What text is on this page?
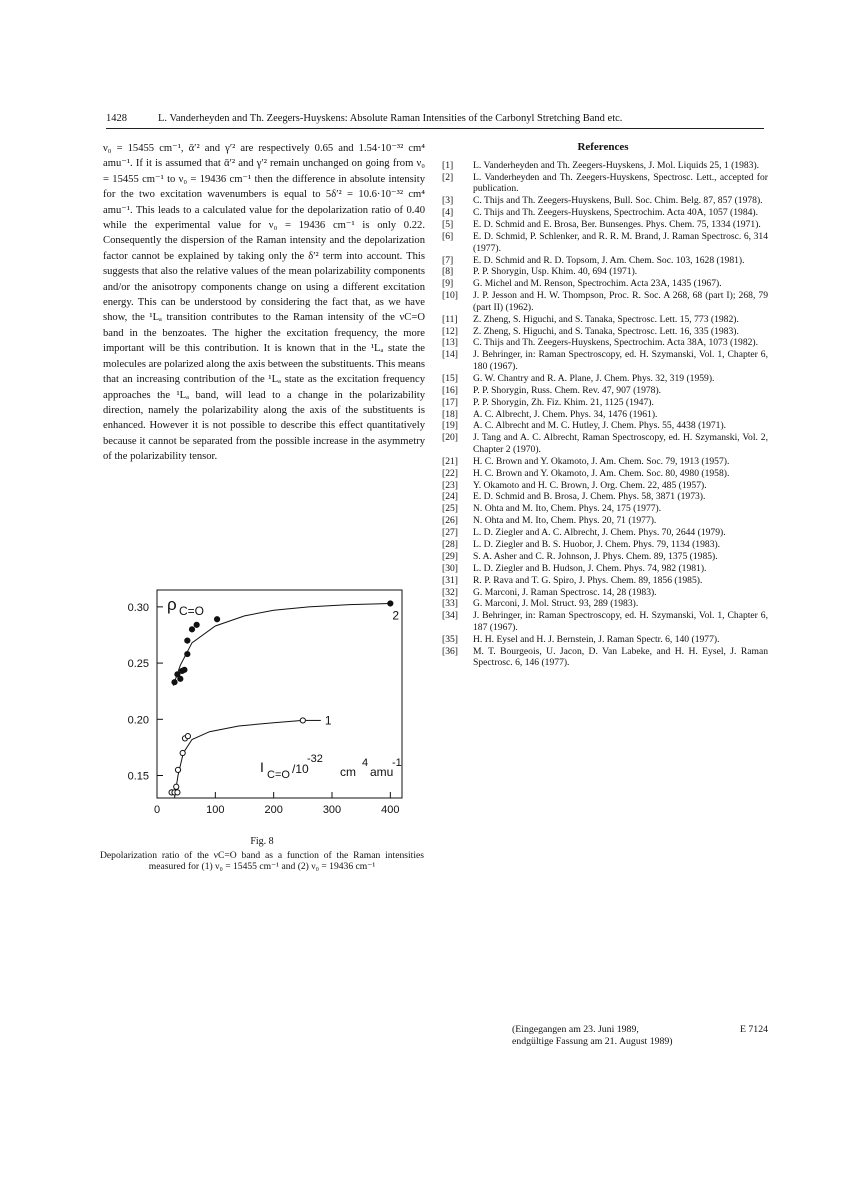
1428	L. Vanderheyden and Th. Zeegers-Huyskens: Absolute Raman Intensities of the Carbonyl Stretching Band etc.

ν₀ = 15455 cm⁻¹, ᾱ′² and γ′² are respectively 0.65 and 1.54·10⁻³² cm⁴ amu⁻¹. If it is assumed that ᾱ′² and γ′² remain unchanged on going from ν₀ = 15455 cm⁻¹ to ν₀ = 19436 cm⁻¹ then the difference in absolute intensity for the two excitation wavenumbers is equal to 5δ′² = 10.6·10⁻³² cm⁴ amu⁻¹. This leads to a calculated value for the depolarization ratio of 0.40 while the experimental value for ν₀ = 19436 cm⁻¹ is only 0.22. Consequently the dispersion of the Raman intensity and the depolarization factor cannot be explained by taking only the δ′² term into account. This suggests that also the relative values of the mean polarizability components and/or the anisotropy components change on using a different excitation energy. This can be understood by considering the fact that, as we have show, the ¹Lₐ transition contributes to the Raman intensity of the νC=O band in the benzoates. The higher the excitation frequency, the more important will be this contribution. It is known that in the ¹Lₐ state the molecules are polarized along the axis between the substituents. This means that an increasing contribution of the ¹Lₐ state as the excitation frequency approaches the ¹Lₐ band, will lead to a change in the polarizability direction, namely the polarizability along the axis of the substituents is enhanced. However it is not possible to describe this effect quantitatively because it cannot be separated from the possible increase in the asymmetry of the polarizability tensor.

0	100	200	300	400
0.15
0.20
0.25
0.30
2
1
ρ C=O
I C=O /10
-32
cm
4
amu
-1
Fig. 8
Depolarization ratio of the νC=O band as a function of the Raman intensities measured for (1) ν₀ = 15455 cm⁻¹ and (2) ν₀ = 19436 cm⁻¹
References
[1]	L. Vanderheyden and Th. Zeegers-Huyskens, J. Mol. Liquids 25, 1 (1983).
[2]	L. Vanderheyden and Th. Zeegers-Huyskens, Spectrosc. Lett., accepted for publication.
[3]	C. Thijs and Th. Zeegers-Huyskens, Bull. Soc. Chim. Belg. 87, 857 (1978).
[4]	C. Thijs and Th. Zeegers-Huyskens, Spectrochim. Acta 40A, 1057 (1984).
[5]	E. D. Schmid and E. Brosa, Ber. Bunsenges. Phys. Chem. 75, 1334 (1971).
[6]	E. D. Schmid, P. Schlenker, and R. R. M. Brand, J. Raman Spectrosc. 6, 314 (1977).
[7]	E. D. Schmid and R. D. Topsom, J. Am. Chem. Soc. 103, 1628 (1981).
[8]	P. P. Shorygin, Usp. Khim. 40, 694 (1971).
[9]	G. Michel and M. Renson, Spectrochim. Acta 23A, 1435 (1967).
[10]	J. P. Jesson and H. W. Thompson, Proc. R. Soc. A 268, 68 (part I); 268, 79 (part II) (1962).
[11]	Z. Zheng, S. Higuchi, and S. Tanaka, Spectrosc. Lett. 15, 773 (1982).
[12]	Z. Zheng, S. Higuchi, and S. Tanaka, Spectrosc. Lett. 16, 335 (1983).
[13]	C. Thijs and Th. Zeegers-Huyskens, Spectrochim. Acta 38A, 1073 (1982).
[14]	J. Behringer, in: Raman Spectroscopy, ed. H. Szymanski, Vol. 1, Chapter 6, 180 (1967).
[15]	G. W. Chantry and R. A. Plane, J. Chem. Phys. 32, 319 (1959).
[16]	P. P. Shorygin, Russ. Chem. Rev. 47, 907 (1978).
[17]	P. P. Shorygin, Zh. Fiz. Khim. 21, 1125 (1947).
[18]	A. C. Albrecht, J. Chem. Phys. 34, 1476 (1961).
[19]	A. C. Albrecht and M. C. Hutley, J. Chem. Phys. 55, 4438 (1971).
[20]	J. Tang and A. C. Albrecht, Raman Spectroscopy, ed. H. Szymanski, Vol. 2, Chapter 2 (1970).
[21]	H. C. Brown and Y. Okamoto, J. Am. Chem. Soc. 79, 1913 (1957).
[22]	H. C. Brown and Y. Okamoto, J. Am. Chem. Soc. 80, 4980 (1958).
[23]	Y. Okamoto and H. C. Brown, J. Org. Chem. 22, 485 (1957).
[24]	E. D. Schmid and B. Brosa, J. Chem. Phys. 58, 3871 (1973).
[25]	N. Ohta and M. Ito, Chem. Phys. 24, 175 (1977).
[26]	N. Ohta and M. Ito, Chem. Phys. 20, 71 (1977).
[27]	L. D. Ziegler and A. C. Albrecht, J. Chem. Phys. 70, 2644 (1979).
[28]	L. D. Ziegler and B. S. Huobor, J. Chem. Phys. 79, 1134 (1983).
[29]	S. A. Asher and C. R. Johnson, J. Phys. Chem. 89, 1375 (1985).
[30]	L. D. Ziegler and B. Hudson, J. Chem. Phys. 74, 982 (1981).
[31]	R. P. Rava and T. G. Spiro, J. Phys. Chem. 89, 1856 (1985).
[32]	G. Marconi, J. Raman Spectrosc. 14, 28 (1983).
[33]	G. Marconi, J. Mol. Struct. 93, 289 (1983).
[34]	J. Behringer, in: Raman Spectroscopy, ed. H. Szymanski, Vol. 1, Chapter 6, 187 (1967).
[35]	H. H. Eysel and H. J. Bernstein, J. Raman Spectr. 6, 140 (1977).
[36]	M. T. Bourgeois, U. Jacon, D. Van Labeke, and H. H. Eysel, J. Raman Spectrosc. 6, 146 (1977).
(Eingegangen am 23. Juni 1989,
endgültige Fassung am 21. August 1989)
E 7124
